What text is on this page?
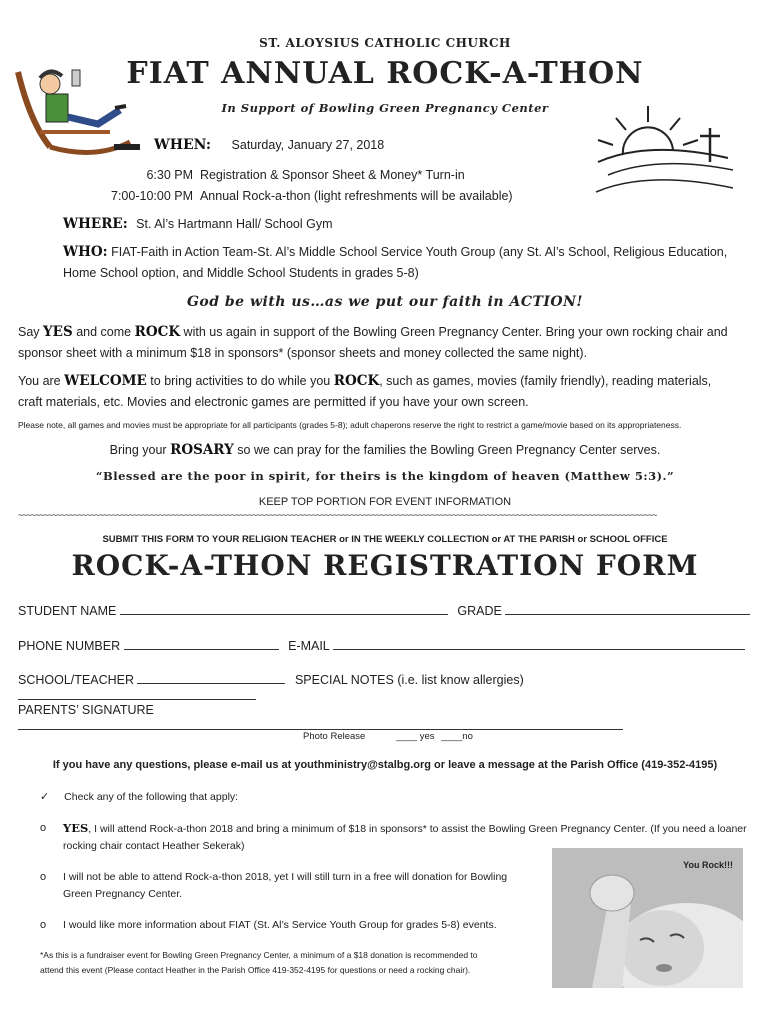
ST. ALOYSIUS CATHOLIC CHURCH
FIAT ANNUAL ROCK-A-THON
In Support of Bowling Green Pregnancy Center
WHEN: Saturday, January 27, 2018
6:30 PM Registration & Sponsor Sheet & Money* Turn-in
7:00-10:00 PM Annual Rock-a-thon (light refreshments will be available)
WHERE: St. Al’s Hartmann Hall/ School Gym
WHO: FIAT-Faith in Action Team-St. Al’s Middle School Service Youth Group (any St. Al’s School, Religious Education,
Home School option, and Middle School Students in grades 5-8)
God be with us…as we put our faith in ACTION!
Say YES and come ROCK with us again in support of the Bowling Green Pregnancy Center. Bring your own rocking chair and
sponsor sheet with a minimum $18 in sponsors* (sponsor sheets and money collected the same night).
You are WELCOME to bring activities to do while you ROCK, such as games, movies (family friendly), reading materials,
craft materials, etc. Movies and electronic games are permitted if you have your own screen.
Please note, all games and movies must be appropriate for all participants (grades 5-8); adult chaperons reserve the right to restrict a game/movie based on its appropriateness.
Bring your ROSARY so we can pray for the families the Bowling Green Pregnancy Center serves.
“Blessed are the poor in spirit, for theirs is the kingdom of heaven (Matthew 5:3).”
KEEP TOP PORTION FOR EVENT INFORMATION
~~~~~~~~~~~~~~~~~~~~~~~~~~~~~~~~~~~~~~~~~~~~~~~~~~~~~~~~~~~~~~~~~~~~~~~~~~~~~~~~~~~~~~~~~~~~~~~~~~~~~~~~~~~~~~~~~~~~~~~~~~~~~~~~~~~~~~~~~~~~~~~~~~~~~~
SUBMIT THIS FORM TO YOUR RELIGION TEACHER or IN THE WEEKLY COLLECTION or AT THE PARISH or SCHOOL OFFICE
ROCK-A-THON REGISTRATION FORM
STUDENT NAME	GRADE
PHONE NUMBER	E-MAIL
SCHOOL/TEACHER	SPECIAL NOTES (i.e. list know allergies)
PARENTS’ SIGNATURE
Photo Release	____ yes ____no
If you have any questions, please e-mail us at youthministry@stalbg.org or leave a message at the Parish Office (419-352-4195)
✓ Check any of the following that apply:
o YES, I will attend Rock-a-thon 2018 and bring a minimum of $18 in sponsors* to assist the Bowling Green Pregnancy Center. (If you need a loaner
rocking chair contact Heather Sekerak)
o I will not be able to attend Rock-a-thon 2018, yet I will still turn in a free will donation for Bowling
Green Pregnancy Center.
o I would like more information about FIAT (St. Al’s Service Youth Group for grades 5-8) events.
*As this is a fundraiser event for Bowling Green Pregnancy Center, a minimum of a $18 donation is recommended to
attend this event (Please contact Heather in the Parish Office 419-352-4195 for questions or need a rocking chair).
You Rock!!!
